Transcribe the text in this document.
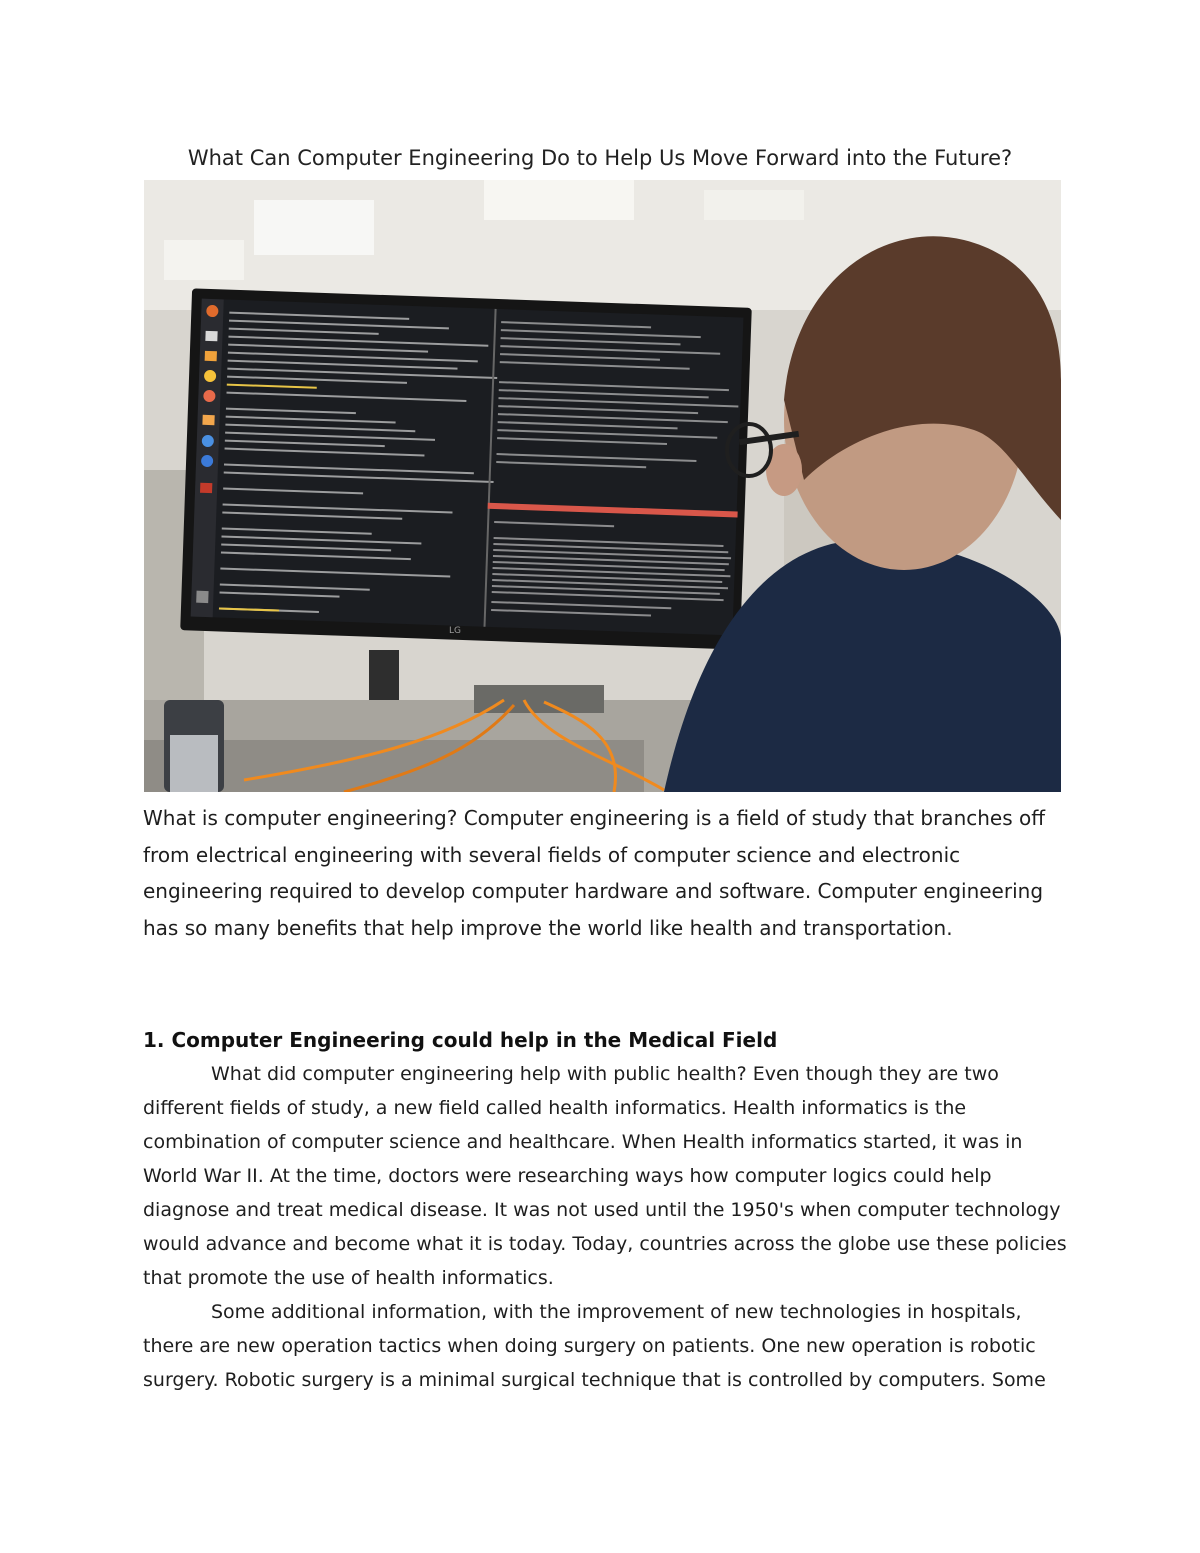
What Can Computer Engineering Do to Help Us Move Forward into the Future?
LG

What is computer engineering? Computer engineering is a field of study that branches off from electrical engineering with several fields of computer science and electronic engineering required to develop computer hardware and software. Computer engineering has so many benefits that help improve the world like health and transportation.

1. Computer Engineering could help in the Medical Field

What did computer engineering help with public health? Even though they are two different fields of study, a new field called health informatics. Health informatics is the combination of computer science and healthcare. When Health informatics started, it was in World War II. At the time, doctors were researching ways how computer logics could help diagnose and treat medical disease. It was not used until the 1950's when computer technology would advance and become what it is today. Today, countries across the globe use these policies that promote the use of health informatics.

Some additional information, with the improvement of new technologies in hospitals, there are new operation tactics when doing surgery on patients. One new operation is robotic surgery. Robotic surgery is a minimal surgical technique that is controlled by computers. Some
